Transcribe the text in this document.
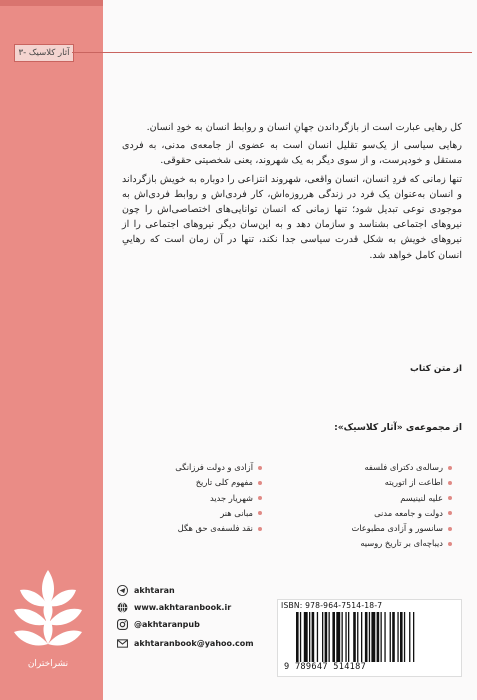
آثار کلاسیک -۳

کل رهایی عبارت است از بازگرداندن جهانِ انسان و روابط انسان به خودِ انسان.

رهایی سیاسی از یک‌سو تقلیل انسان است به عضوی از جامعه‌ی مدنی، به فردی مستقل و خودپرست، و از سوی دیگر به یک شهروند، یعنی شخصیتی حقوقی.

تنها زمانی که فردِ انسان، انسان واقعی، شهروند انتزاعی را دوباره به خویش بازگرداند و انسان به‌عنوان یک فرد در زندگی هرروزه‌اش، کار فردی‌اش و روابط فردی‌اش به موجودی نوعی تبدیل شود؛ تنها زمانی که انسان توانایی‌های اختصاصی‌اش را چون نیروهای اجتماعی بشناسد و سازمان دهد و به این‌سان دیگر نیروهای اجتماعی را از نیروهای خویش به شکل قدرت سیاسی جدا نکند، تنها در آن زمان است که رهاییِ انسان کامل خواهد شد.

از متن کتاب
از مجموعه‌ی «آثار کلاسیک»:
رساله‌ی دکترای فلسفه
اطاعت از اتوریته
علیه لنینیسم
دولت و جامعه مدنی
سانسور و آزادی مطبوعات
دیباچه‌ای بر تاریخ روسیه
آزادی و دولت فرزانگی
مفهوم کلی تاریخ
شهریار جدید
مبانی هنر
نقد فلسفه‌ی حق هگل
نشراختران
akhtaran
www.akhtaranbook.ir
@akhtaranpub
akhtaranbook@yahoo.com
ISBN: 978-964-7514-18-7
9 789647 514187
